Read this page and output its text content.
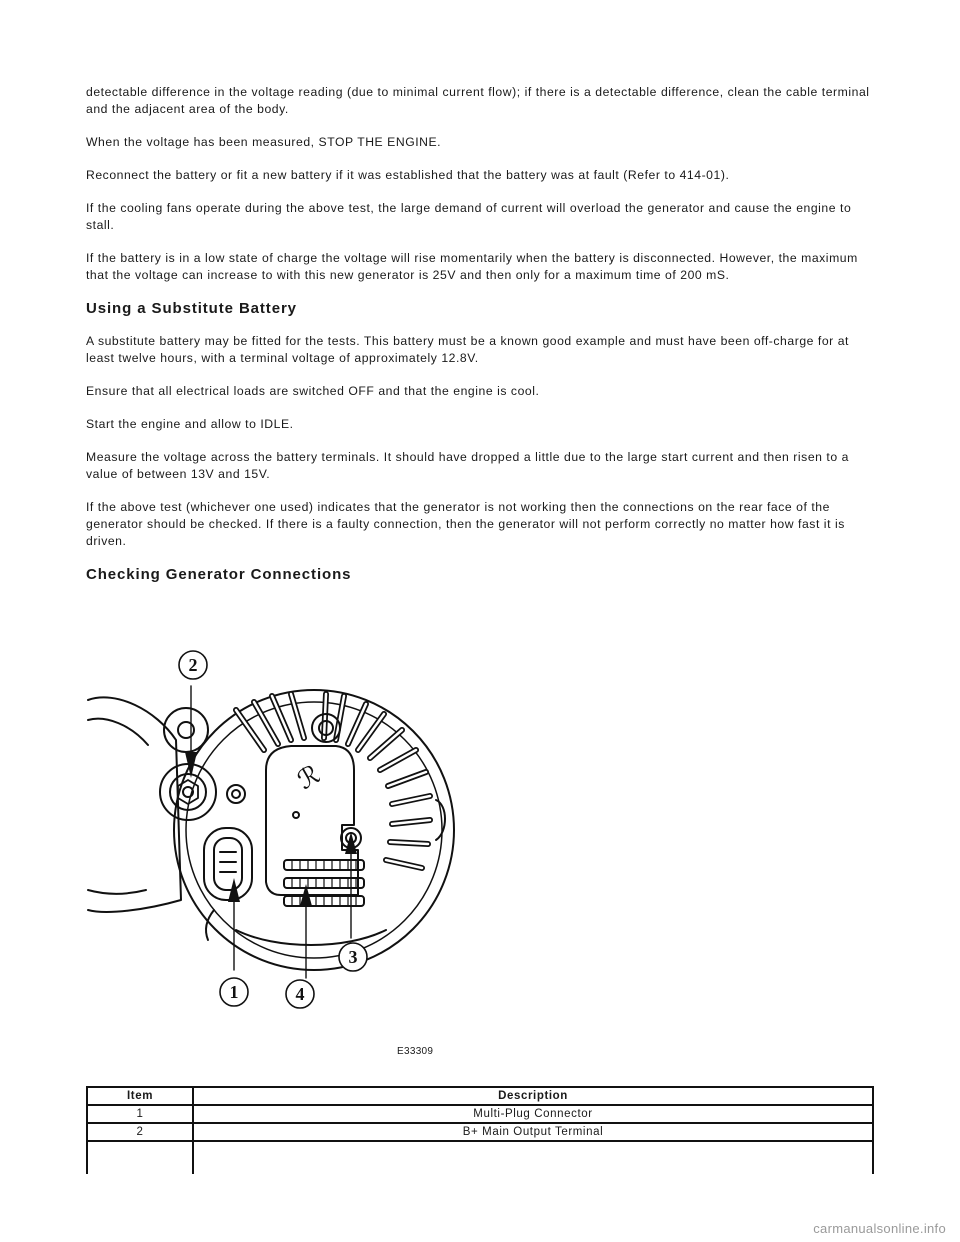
detectable difference in the voltage reading (due to minimal current flow); if there is a detectable difference, clean the cable terminal and the adjacent area of the body.

When the voltage has been measured, STOP THE ENGINE.

Reconnect the battery or fit a new battery if it was established that the battery was at fault (Refer to 414-01).

If the cooling fans operate during the above test, the large demand of current will overload the generator and cause the engine to stall.

If the battery is in a low state of charge the voltage will rise momentarily when the battery is disconnected. However, the maximum that the voltage can increase to with this new generator is 25V and then only for a maximum time of 200 mS.

Using a Substitute Battery

A substitute battery may be fitted for the tests. This battery must be a known good example and must have been off-charge for at least twelve hours, with a terminal voltage of approximately 12.8V.

Ensure that all electrical loads are switched OFF and that the engine is cool.

Start the engine and allow to IDLE.

Measure the voltage across the battery terminals. It should have dropped a little due to the large start current and then risen to a value of between 13V and 15V.

If the above test (whichever one used) indicates that the generator is not working then the connections on the rear face of the generator should be checked. If there is a faulty connection, then the generator will not perform correctly no matter how fast it is driven.

Checking Generator Connections
ℛ
2
3
1	4
E33309
Item	Description
1	Multi-Plug Connector
2	B+ Main Output Terminal

carmanualsonline.info
